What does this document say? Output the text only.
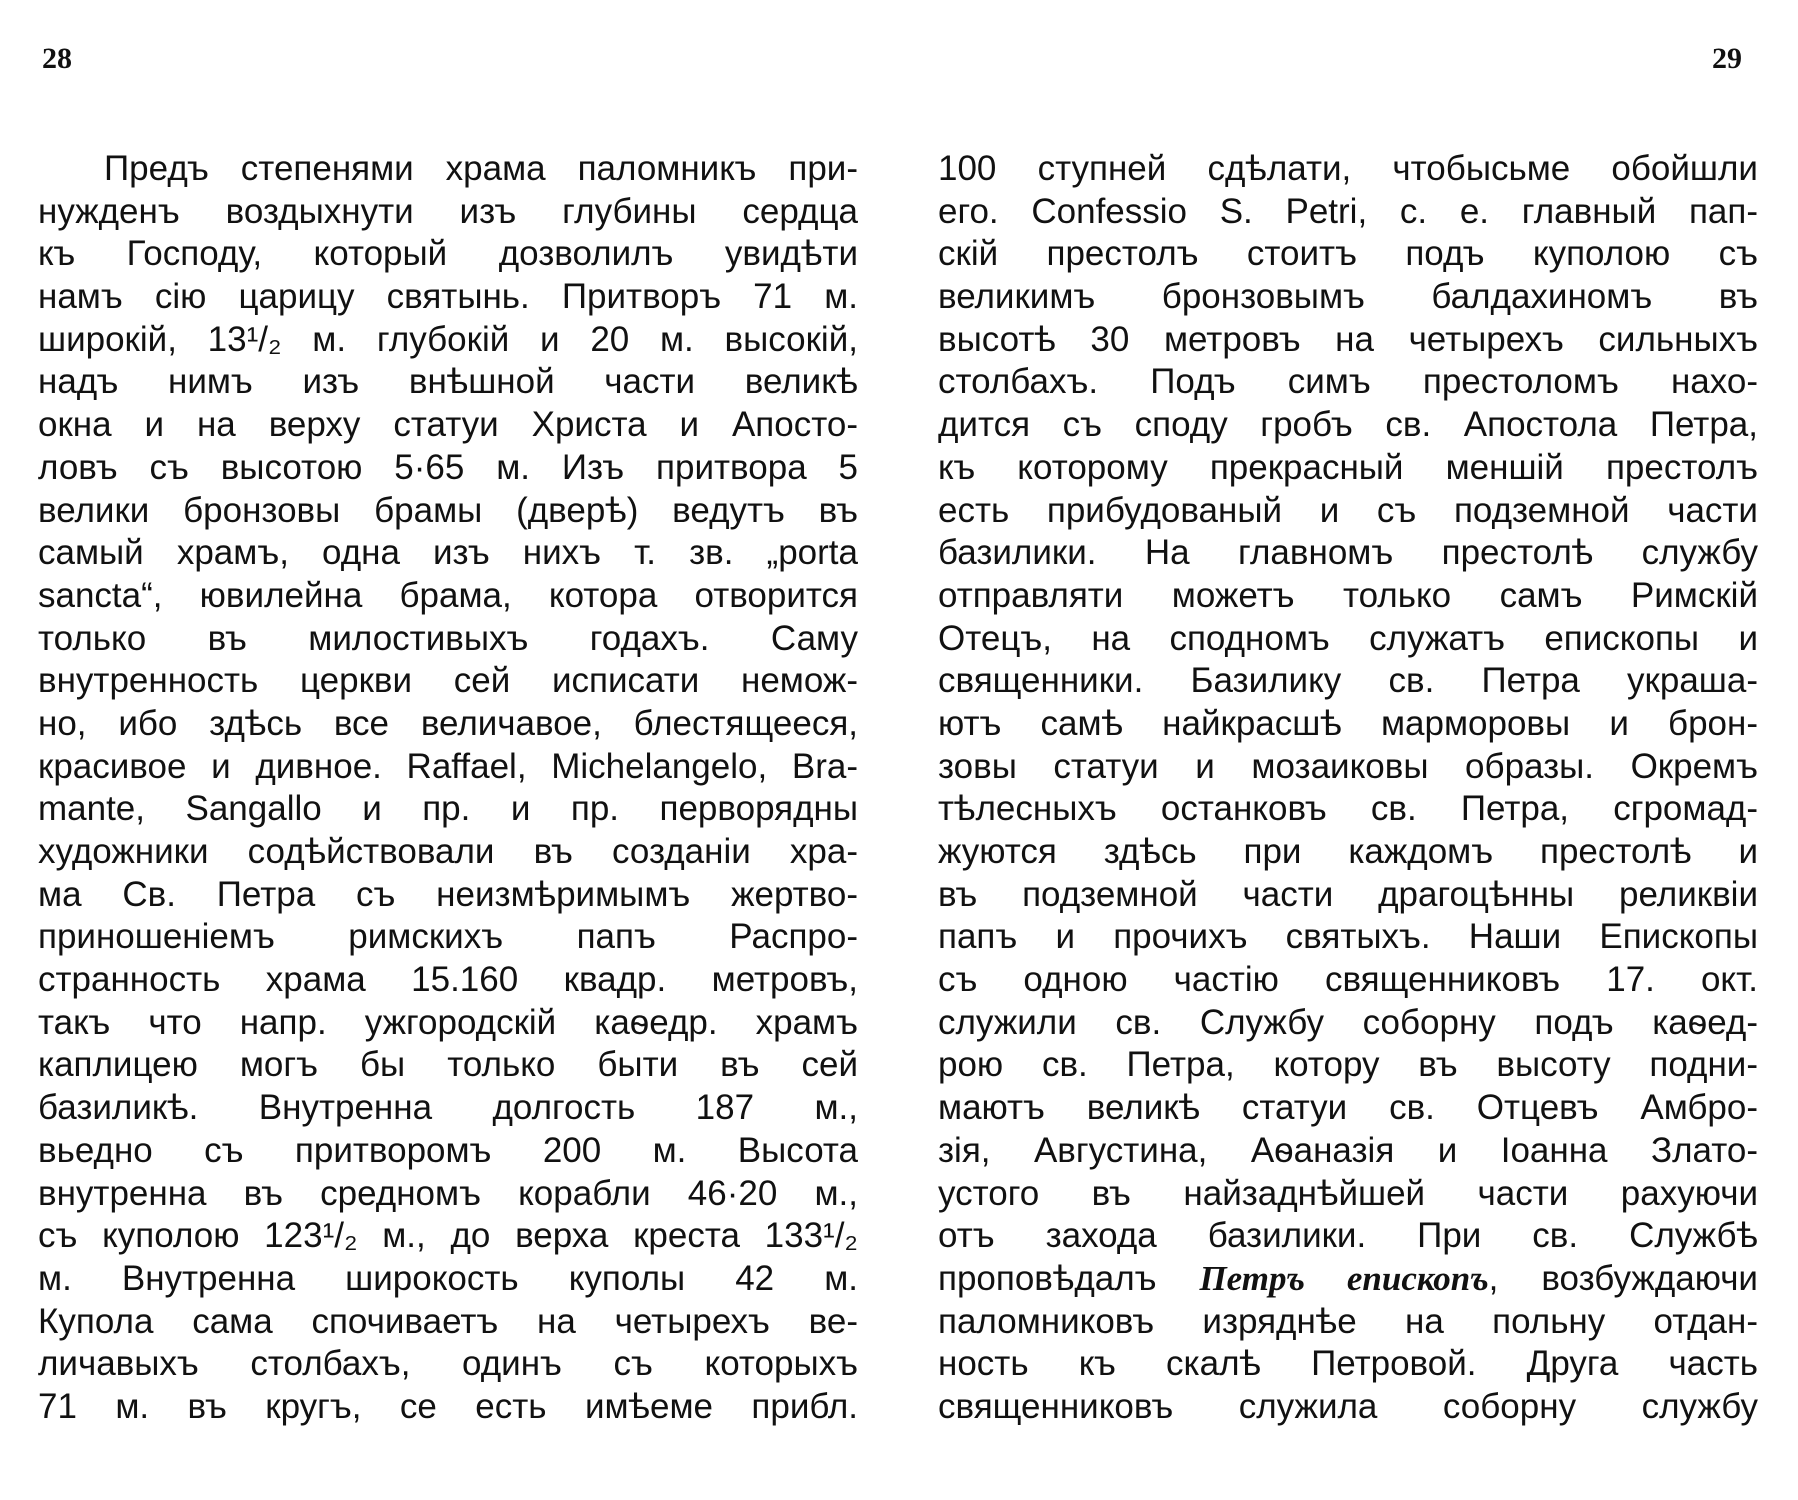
28	29
Предъ степенями храма паломникъ при-
нужденъ воздыхнути изъ глубины сердца
къ Господу, который дозволилъ увидѣти
намъ сію царицу святынь. Притворъ 71 м.
широкій, 13¹/₂ м. глубокій и 20 м. высокій,
надъ нимъ изъ внѣшной части великѣ
окна и на верху статуи Христа и Апосто-
ловъ съ высотою 5·65 м. Изъ притвора 5
велики бронзовы брамы (дверѣ) ведутъ въ
самый храмъ, одна изъ нихъ т. зв. „porta
sancta“, ювилейна брама, котора отворится
только въ милостивыхъ годахъ. Саму
внутренность церкви сей исписати немож-
но, ибо здѣсь все величавое, блестящееся,
красивое и дивное. Raffael, Michelangelo, Bra-
mante, Sangallo и пр. и пр. перворядны
художники содѣйствовали въ созданіи хра-
ма Св. Петра съ неизмѣримымъ жертво-
приношеніемъ римскихъ папъ Распро-
странность храма 15.160 квадр. метровъ,
такъ что напр. ужгородскій каѳедр. храмъ
каплицею могъ бы только быти въ сей
базиликѣ. Внутренна долгость 187 м.,
вьедно съ притворомъ 200 м. Высота
внутренна въ средномъ корабли 46·20 м.,
съ куполою 123¹/₂ м., до верха креста 133¹/₂
м. Внутренна широкость куполы 42 м.
Купола сама спочиваетъ на четырехъ ве-
личавыхъ столбахъ, одинъ съ которыхъ
71 м. въ кругъ, се есть имѣеме прибл.
100 ступней сдѣлати, чтобысьме обойшли
его. Confessio S. Petri, с. е. главный пап-
скій престолъ стоитъ подъ куполою съ
великимъ бронзовымъ балдахиномъ въ
высотѣ 30 метровъ на четырехъ сильныхъ
столбахъ. Подъ симъ престоломъ нахо-
дится съ споду гробъ св. Апостола Петра,
къ которому прекрасный меншій престолъ
есть прибудованый и съ подземной части
базилики. На главномъ престолѣ службу
отправляти можетъ только самъ Римскій
Отецъ, на сподномъ служатъ епископы и
священники. Базилику св. Петра украша-
ютъ самѣ найкрасшѣ марморовы и брон-
зовы статуи и мозаиковы образы. Окремъ
тѣлесныхъ останковъ св. Петра, сгромад-
жуются здѣсь при каждомъ престолѣ и
въ подземной части драгоцѣнны реликвіи
папъ и прочихъ святыхъ. Наши Епископы
съ одною частію священниковъ 17. окт.
служили св. Службу соборну подъ каѳед-
рою св. Петра, котору въ высоту подни-
маютъ великѣ статуи св. Отцевъ Амбро-
зія, Августина, Аѳаназія и Іоанна Злато-
устого въ найзаднѣйшей части рахуючи
отъ захода базилики. При св. Службѣ
проповѣдалъ Петръ епископъ, возбуждаючи
паломниковъ изряднѣе на польну отдан-
ность къ скалѣ Петровой. Друга часть
священниковъ служила соборну службу
